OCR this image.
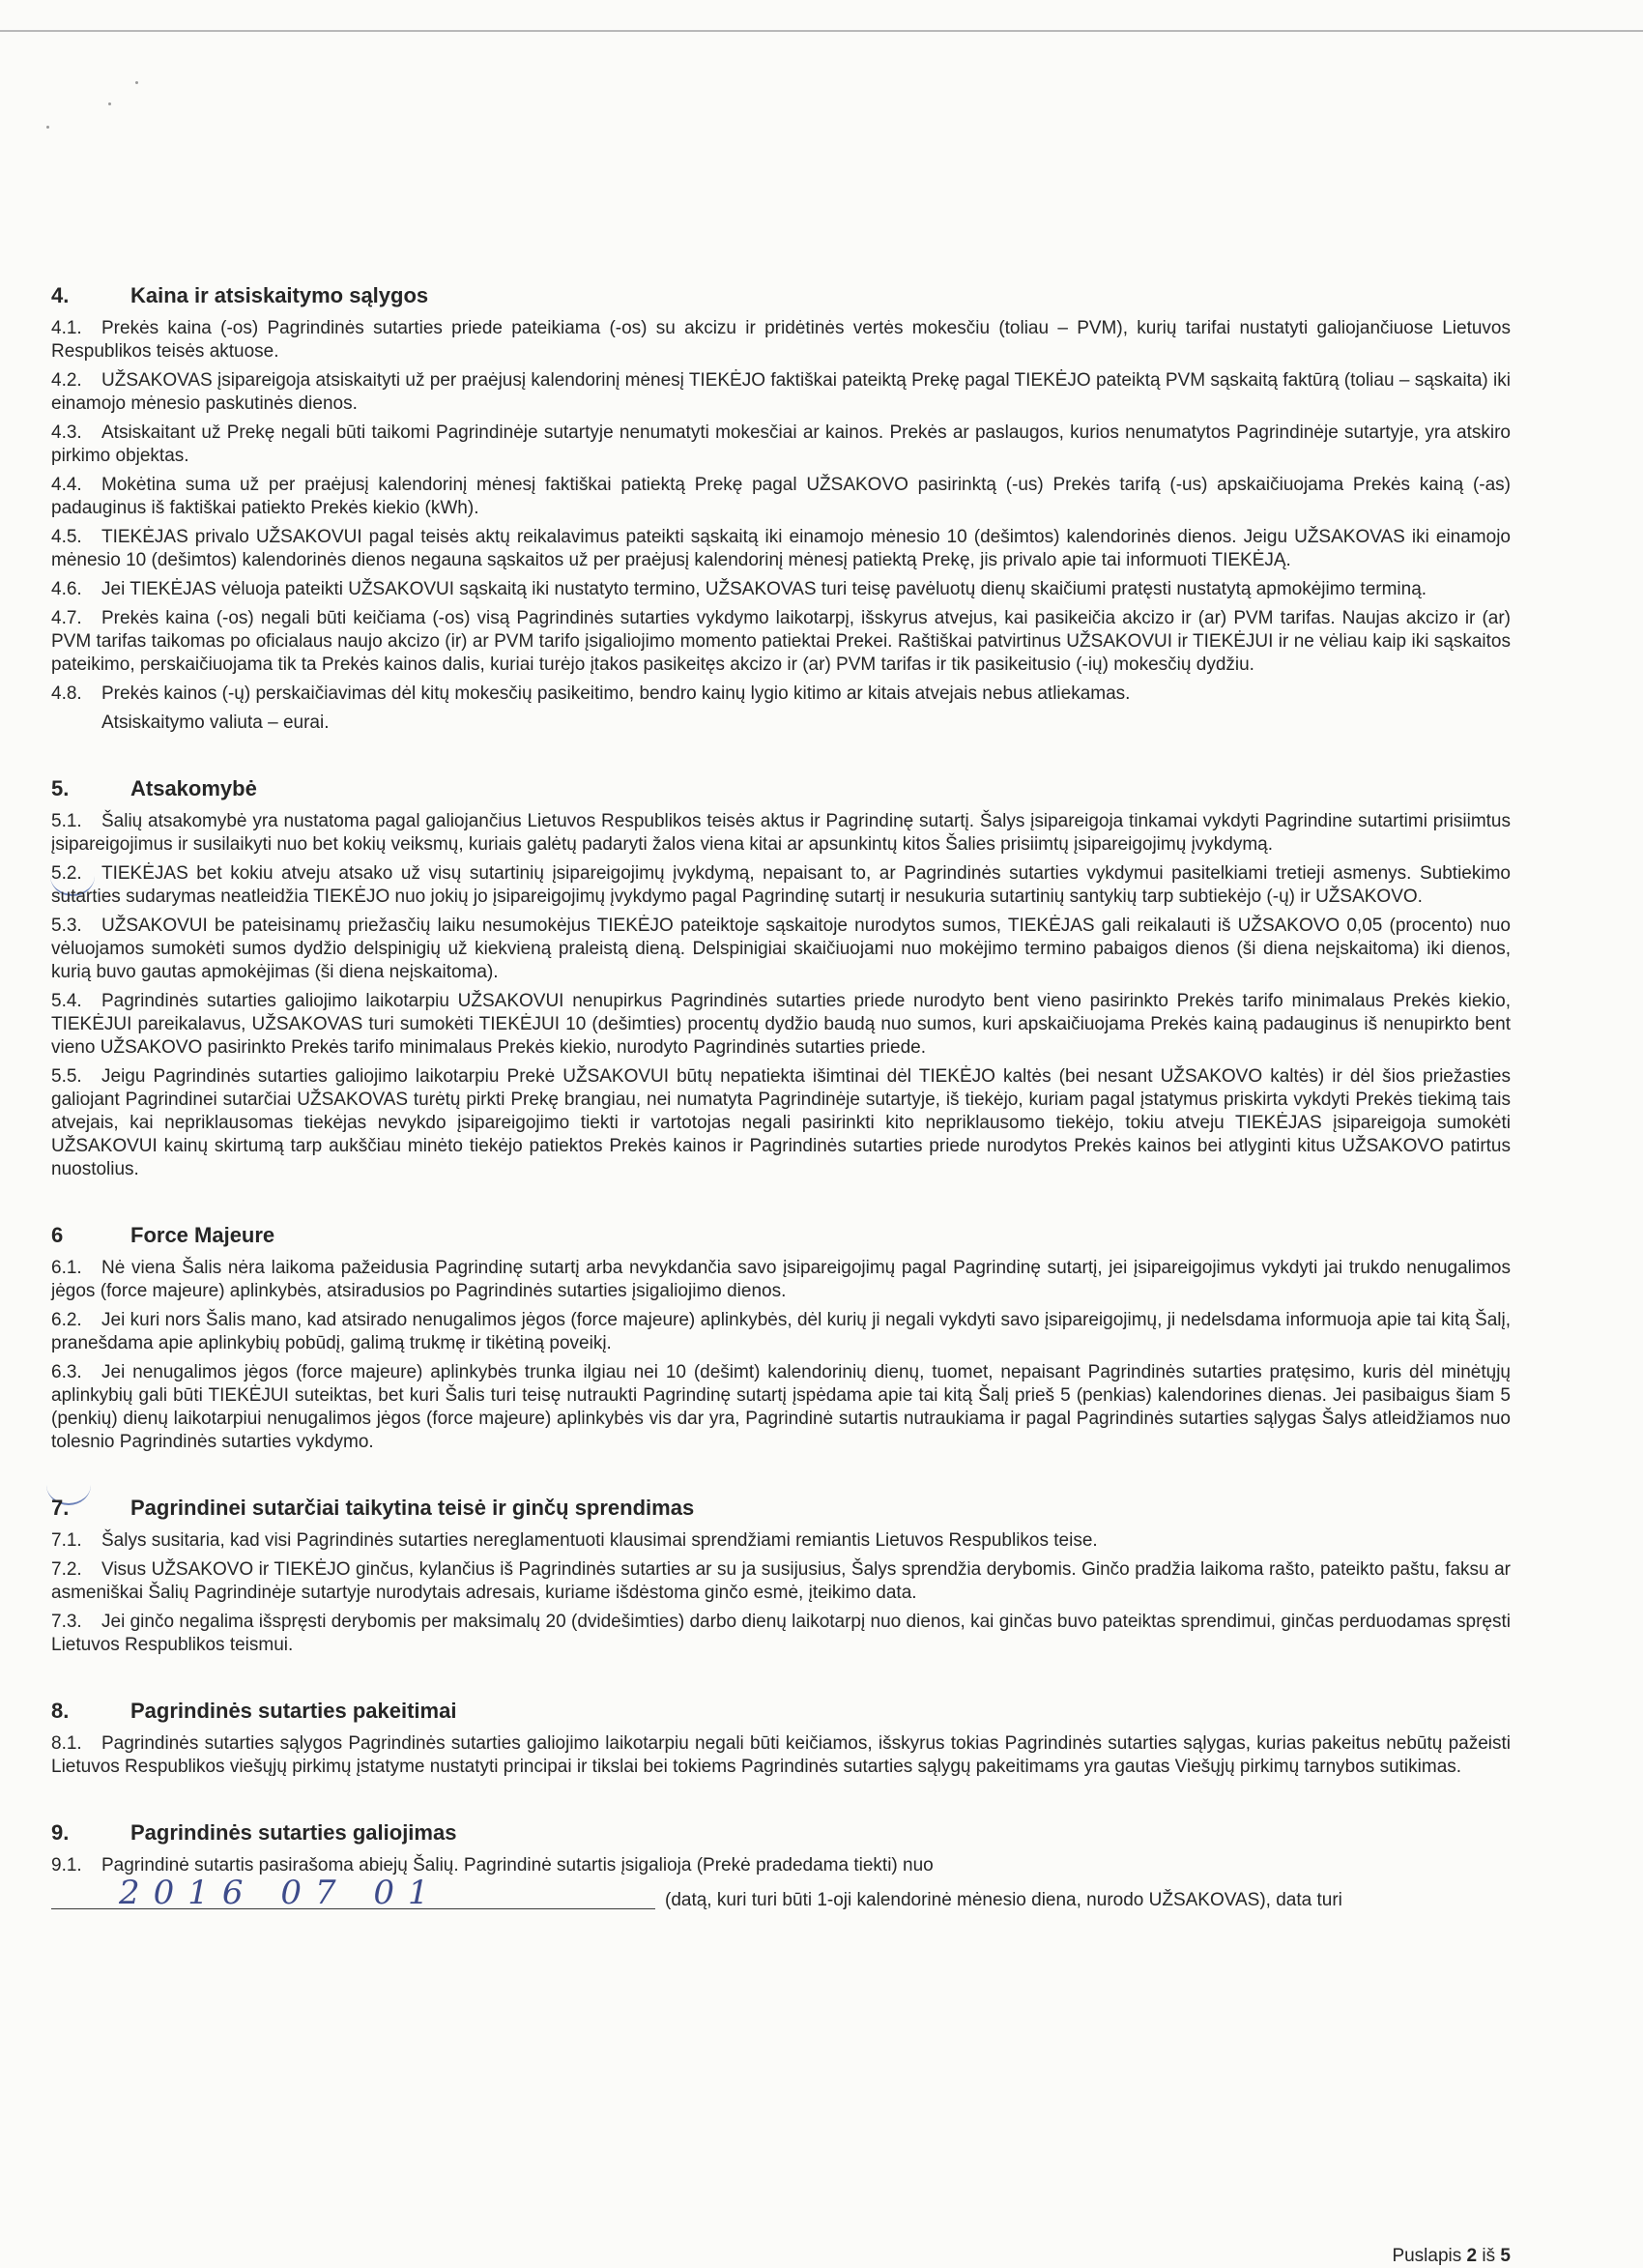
4.	Kaina ir atsiskaitymo sąlygos

4.1. Prekės kaina (-os) Pagrindinės sutarties priede pateikiama (-os) su akcizu ir pridėtinės vertės mokesčiu (toliau – PVM), kurių tarifai nustatyti galiojančiuose Lietuvos Respublikos teisės aktuose.

4.2. UŽSAKOVAS įsipareigoja atsiskaityti už per praėjusį kalendorinį mėnesį TIEKĖJO faktiškai pateiktą Prekę pagal TIEKĖJO pateiktą PVM sąskaitą faktūrą (toliau – sąskaita) iki einamojo mėnesio paskutinės dienos.

4.3. Atsiskaitant už Prekę negali būti taikomi Pagrindinėje sutartyje nenumatyti mokesčiai ar kainos. Prekės ar paslaugos, kurios nenumatytos Pagrindinėje sutartyje, yra atskiro pirkimo objektas.

4.4. Mokėtina suma už per praėjusį kalendorinį mėnesį faktiškai patiektą Prekę pagal UŽSAKOVO pasirinktą (-us) Prekės tarifą (-us) apskaičiuojama Prekės kainą (-as) padauginus iš faktiškai patiekto Prekės kiekio (kWh).

4.5. TIEKĖJAS privalo UŽSAKOVUI pagal teisės aktų reikalavimus pateikti sąskaitą iki einamojo mėnesio 10 (dešimtos) kalendorinės dienos. Jeigu UŽSAKOVAS iki einamojo mėnesio 10 (dešimtos) kalendorinės dienos negauna sąskaitos už per praėjusį kalendorinį mėnesį patiektą Prekę, jis privalo apie tai informuoti TIEKĖJĄ.

4.6. Jei TIEKĖJAS vėluoja pateikti UŽSAKOVUI sąskaitą iki nustatyto termino, UŽSAKOVAS turi teisę pavėluotų dienų skaičiumi pratęsti nustatytą apmokėjimo terminą.

4.7. Prekės kaina (-os) negali būti keičiama (-os) visą Pagrindinės sutarties vykdymo laikotarpį, išskyrus atvejus, kai pasikeičia akcizo ir (ar) PVM tarifas. Naujas akcizo ir (ar) PVM tarifas taikomas po oficialaus naujo akcizo (ir) ar PVM tarifo įsigaliojimo momento patiektai Prekei. Raštiškai patvirtinus UŽSAKOVUI ir TIEKĖJUI ir ne vėliau kaip iki sąskaitos pateikimo, perskaičiuojama tik ta Prekės kainos dalis, kuriai turėjo įtakos pasikeitęs akcizo ir (ar) PVM tarifas ir tik pasikeitusio (-ių) mokesčių dydžiu.

4.8. Prekės kainos (-ų) perskaičiavimas dėl kitų mokesčių pasikeitimo, bendro kainų lygio kitimo ar kitais atvejais nebus atliekamas.

Atsiskaitymo valiuta – eurai.

5.	Atsakomybė

5.1. Šalių atsakomybė yra nustatoma pagal galiojančius Lietuvos Respublikos teisės aktus ir Pagrindinę sutartį. Šalys įsipareigoja tinkamai vykdyti Pagrindine sutartimi prisiimtus įsipareigojimus ir susilaikyti nuo bet kokių veiksmų, kuriais galėtų padaryti žalos viena kitai ar apsunkintų kitos Šalies prisiimtų įsipareigojimų įvykdymą.

5.2. TIEKĖJAS bet kokiu atveju atsako už visų sutartinių įsipareigojimų įvykdymą, nepaisant to, ar Pagrindinės sutarties vykdymui pasitelkiami tretieji asmenys. Subtiekimo sutarties sudarymas neatleidžia TIEKĖJO nuo jokių jo įsipareigojimų įvykdymo pagal Pagrindinę sutartį ir nesukuria sutartinių santykių tarp subtiekėjo (-ų) ir UŽSAKOVO.

5.3. UŽSAKOVUI be pateisinamų priežasčių laiku nesumokėjus TIEKĖJO pateiktoje sąskaitoje nurodytos sumos, TIEKĖJAS gali reikalauti iš UŽSAKOVO 0,05 (procento) nuo vėluojamos sumokėti sumos dydžio delspinigių už kiekvieną praleistą dieną. Delspinigiai skaičiuojami nuo mokėjimo termino pabaigos dienos (ši diena neįskaitoma) iki dienos, kurią buvo gautas apmokėjimas (ši diena neįskaitoma).

5.4. Pagrindinės sutarties galiojimo laikotarpiu UŽSAKOVUI nenupirkus Pagrindinės sutarties priede nurodyto bent vieno pasirinkto Prekės tarifo minimalaus Prekės kiekio, TIEKĖJUI pareikalavus, UŽSAKOVAS turi sumokėti TIEKĖJUI 10 (dešimties) procentų dydžio baudą nuo sumos, kuri apskaičiuojama Prekės kainą padauginus iš nenupirkto bent vieno UŽSAKOVO pasirinkto Prekės tarifo minimalaus Prekės kiekio, nurodyto Pagrindinės sutarties priede.

5.5. Jeigu Pagrindinės sutarties galiojimo laikotarpiu Prekė UŽSAKOVUI būtų nepatiekta išimtinai dėl TIEKĖJO kaltės (bei nesant UŽSAKOVO kaltės) ir dėl šios priežasties galiojant Pagrindinei sutarčiai UŽSAKOVAS turėtų pirkti Prekę brangiau, nei numatyta Pagrindinėje sutartyje, iš tiekėjo, kuriam pagal įstatymus priskirta vykdyti Prekės tiekimą tais atvejais, kai nepriklausomas tiekėjas nevykdo įsipareigojimo tiekti ir vartotojas negali pasirinkti kito nepriklausomo tiekėjo, tokiu atveju TIEKĖJAS įsipareigoja sumokėti UŽSAKOVUI kainų skirtumą tarp aukščiau minėto tiekėjo patiektos Prekės kainos ir Pagrindinės sutarties priede nurodytos Prekės kainos bei atlyginti kitus UŽSAKOVO patirtus nuostolius.

6	Force Majeure

6.1. Nė viena Šalis nėra laikoma pažeidusia Pagrindinę sutartį arba nevykdančia savo įsipareigojimų pagal Pagrindinę sutartį, jei įsipareigojimus vykdyti jai trukdo nenugalimos jėgos (force majeure) aplinkybės, atsiradusios po Pagrindinės sutarties įsigaliojimo dienos.

6.2. Jei kuri nors Šalis mano, kad atsirado nenugalimos jėgos (force majeure) aplinkybės, dėl kurių ji negali vykdyti savo įsipareigojimų, ji nedelsdama informuoja apie tai kitą Šalį, pranešdama apie aplinkybių pobūdį, galimą trukmę ir tikėtiną poveikį.

6.3. Jei nenugalimos jėgos (force majeure) aplinkybės trunka ilgiau nei 10 (dešimt) kalendorinių dienų, tuomet, nepaisant Pagrindinės sutarties pratęsimo, kuris dėl minėtųjų aplinkybių gali būti TIEKĖJUI suteiktas, bet kuri Šalis turi teisę nutraukti Pagrindinę sutartį įspėdama apie tai kitą Šalį prieš 5 (penkias) kalendorines dienas. Jei pasibaigus šiam 5 (penkių) dienų laikotarpiui nenugalimos jėgos (force majeure) aplinkybės vis dar yra, Pagrindinė sutartis nutraukiama ir pagal Pagrindinės sutarties sąlygas Šalys atleidžiamos nuo tolesnio Pagrindinės sutarties vykdymo.

7.	Pagrindinei sutarčiai taikytina teisė ir ginčų sprendimas

7.1. Šalys susitaria, kad visi Pagrindinės sutarties nereglamentuoti klausimai sprendžiami remiantis Lietuvos Respublikos teise.

7.2. Visus UŽSAKOVO ir TIEKĖJO ginčus, kylančius iš Pagrindinės sutarties ar su ja susijusius, Šalys sprendžia derybomis. Ginčo pradžia laikoma rašto, pateikto paštu, faksu ar asmeniškai Šalių Pagrindinėje sutartyje nurodytais adresais, kuriame išdėstoma ginčo esmė, įteikimo data.

7.3. Jei ginčo negalima išspręsti derybomis per maksimalų 20 (dvidešimties) darbo dienų laikotarpį nuo dienos, kai ginčas buvo pateiktas sprendimui, ginčas perduodamas spręsti Lietuvos Respublikos teismui.

8.	Pagrindinės sutarties pakeitimai

8.1. Pagrindinės sutarties sąlygos Pagrindinės sutarties galiojimo laikotarpiu negali būti keičiamos, išskyrus tokias Pagrindinės sutarties sąlygas, kurias pakeitus nebūtų pažeisti Lietuvos Respublikos viešųjų pirkimų įstatyme nustatyti principai ir tikslai bei tokiems Pagrindinės sutarties sąlygų pakeitimams yra gautas Viešųjų pirkimų tarnybos sutikimas.

9.	Pagrindinės sutarties galiojimas

9.1. Pagrindinė sutartis pasirašoma abiejų Šalių. Pagrindinė sutartis įsigalioja (Prekė pradedama tiekti) nuo

2016 07 01	(datą, kuri turi būti 1-oji kalendorinė mėnesio diena, nurodo UŽSAKOVAS), data turi
Puslapis 2 iš 5
